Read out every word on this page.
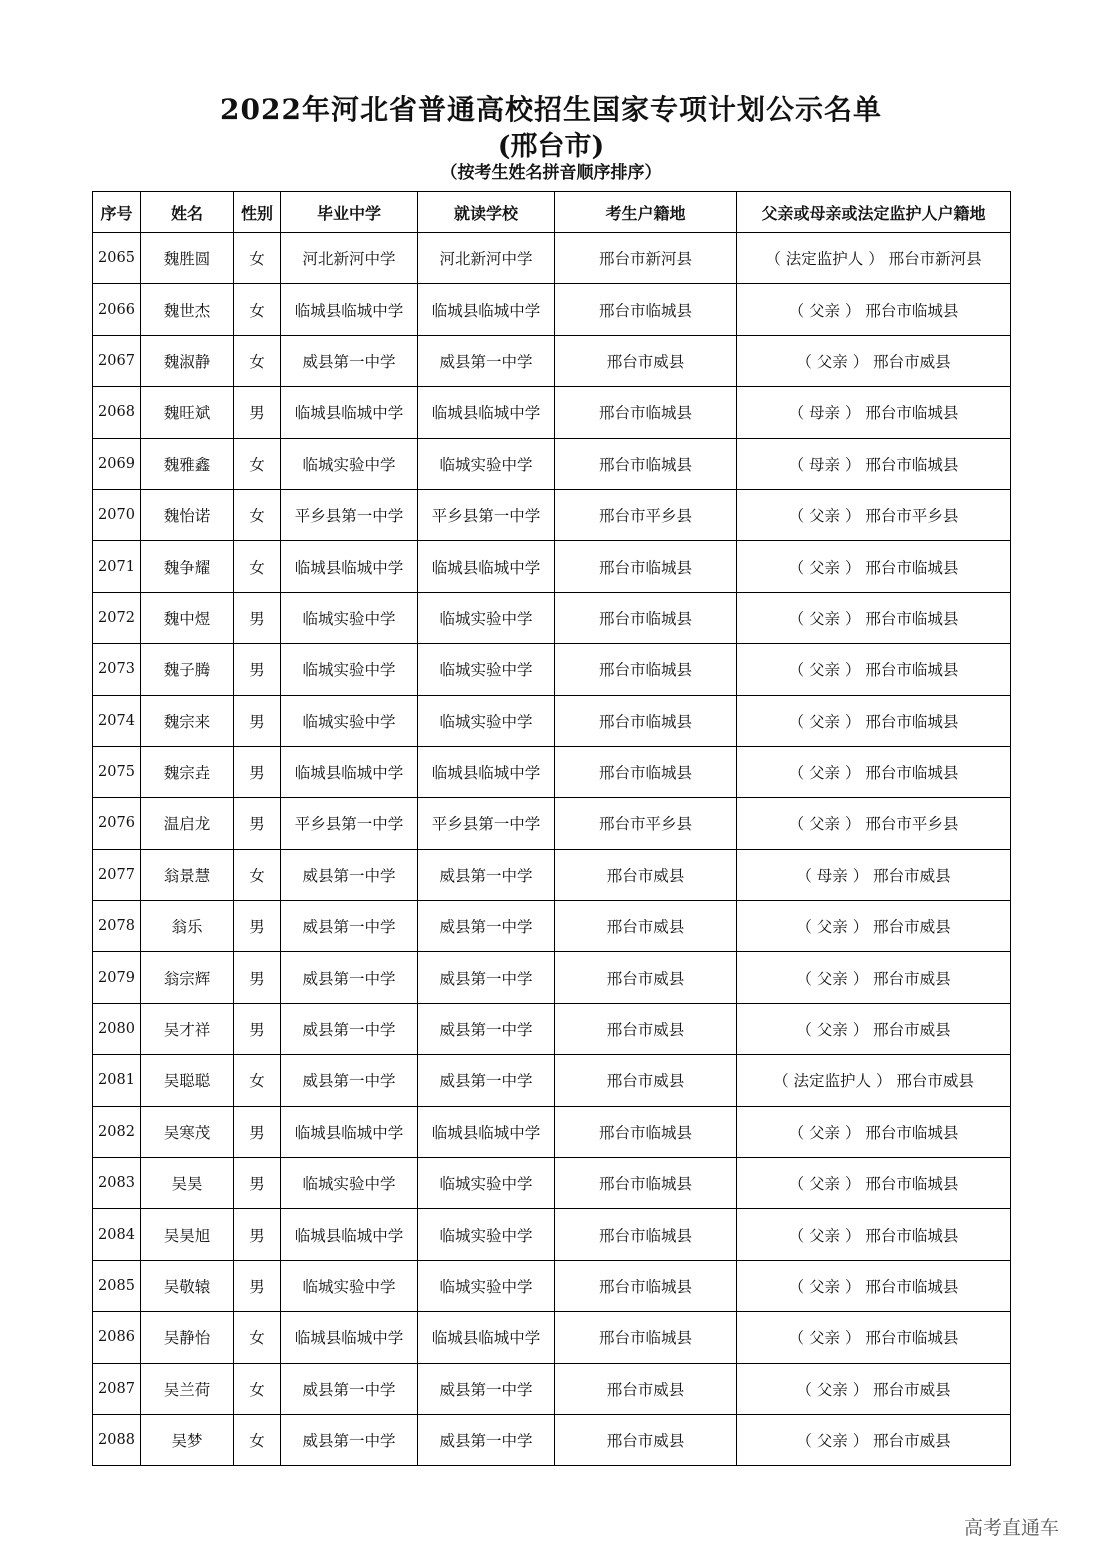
2022年河北省普通高校招生国家专项计划公示名单
(邢台市)
（按考生姓名拼音顺序排序）
序号	姓名	性别	毕业中学	就读学校	考生户籍地	父亲或母亲或法定监护人户籍地
2065	魏胜圆	女	河北新河中学	河北新河中学	邢台市新河县	（ 法定监护人 ） 邢台市新河县
2066	魏世杰	女	临城县临城中学	临城县临城中学	邢台市临城县	（ 父亲 ） 邢台市临城县
2067	魏淑静	女	威县第一中学	威县第一中学	邢台市威县	（ 父亲 ） 邢台市威县
2068	魏旺斌	男	临城县临城中学	临城县临城中学	邢台市临城县	（ 母亲 ） 邢台市临城县
2069	魏雅鑫	女	临城实验中学	临城实验中学	邢台市临城县	（ 母亲 ） 邢台市临城县
2070	魏怡诺	女	平乡县第一中学	平乡县第一中学	邢台市平乡县	（ 父亲 ） 邢台市平乡县
2071	魏争耀	女	临城县临城中学	临城县临城中学	邢台市临城县	（ 父亲 ） 邢台市临城县
2072	魏中煜	男	临城实验中学	临城实验中学	邢台市临城县	（ 父亲 ） 邢台市临城县
2073	魏子腾	男	临城实验中学	临城实验中学	邢台市临城县	（ 父亲 ） 邢台市临城县
2074	魏宗来	男	临城实验中学	临城实验中学	邢台市临城县	（ 父亲 ） 邢台市临城县
2075	魏宗垚	男	临城县临城中学	临城县临城中学	邢台市临城县	（ 父亲 ） 邢台市临城县
2076	温启龙	男	平乡县第一中学	平乡县第一中学	邢台市平乡县	（ 父亲 ） 邢台市平乡县
2077	翁景慧	女	威县第一中学	威县第一中学	邢台市威县	（ 母亲 ） 邢台市威县
2078	翁乐	男	威县第一中学	威县第一中学	邢台市威县	（ 父亲 ） 邢台市威县
2079	翁宗辉	男	威县第一中学	威县第一中学	邢台市威县	（ 父亲 ） 邢台市威县
2080	吴才祥	男	威县第一中学	威县第一中学	邢台市威县	（ 父亲 ） 邢台市威县
2081	吴聪聪	女	威县第一中学	威县第一中学	邢台市威县	（ 法定监护人 ） 邢台市威县
2082	吴寒茂	男	临城县临城中学	临城县临城中学	邢台市临城县	（ 父亲 ） 邢台市临城县
2083	吴昊	男	临城实验中学	临城实验中学	邢台市临城县	（ 父亲 ） 邢台市临城县
2084	吴昊旭	男	临城县临城中学	临城实验中学	邢台市临城县	（ 父亲 ） 邢台市临城县
2085	吴敬辕	男	临城实验中学	临城实验中学	邢台市临城县	（ 父亲 ） 邢台市临城县
2086	吴静怡	女	临城县临城中学	临城县临城中学	邢台市临城县	（ 父亲 ） 邢台市临城县
2087	吴兰荷	女	威县第一中学	威县第一中学	邢台市威县	（ 父亲 ） 邢台市威县
2088	吴梦	女	威县第一中学	威县第一中学	邢台市威县	（ 父亲 ） 邢台市威县
高考直通车
